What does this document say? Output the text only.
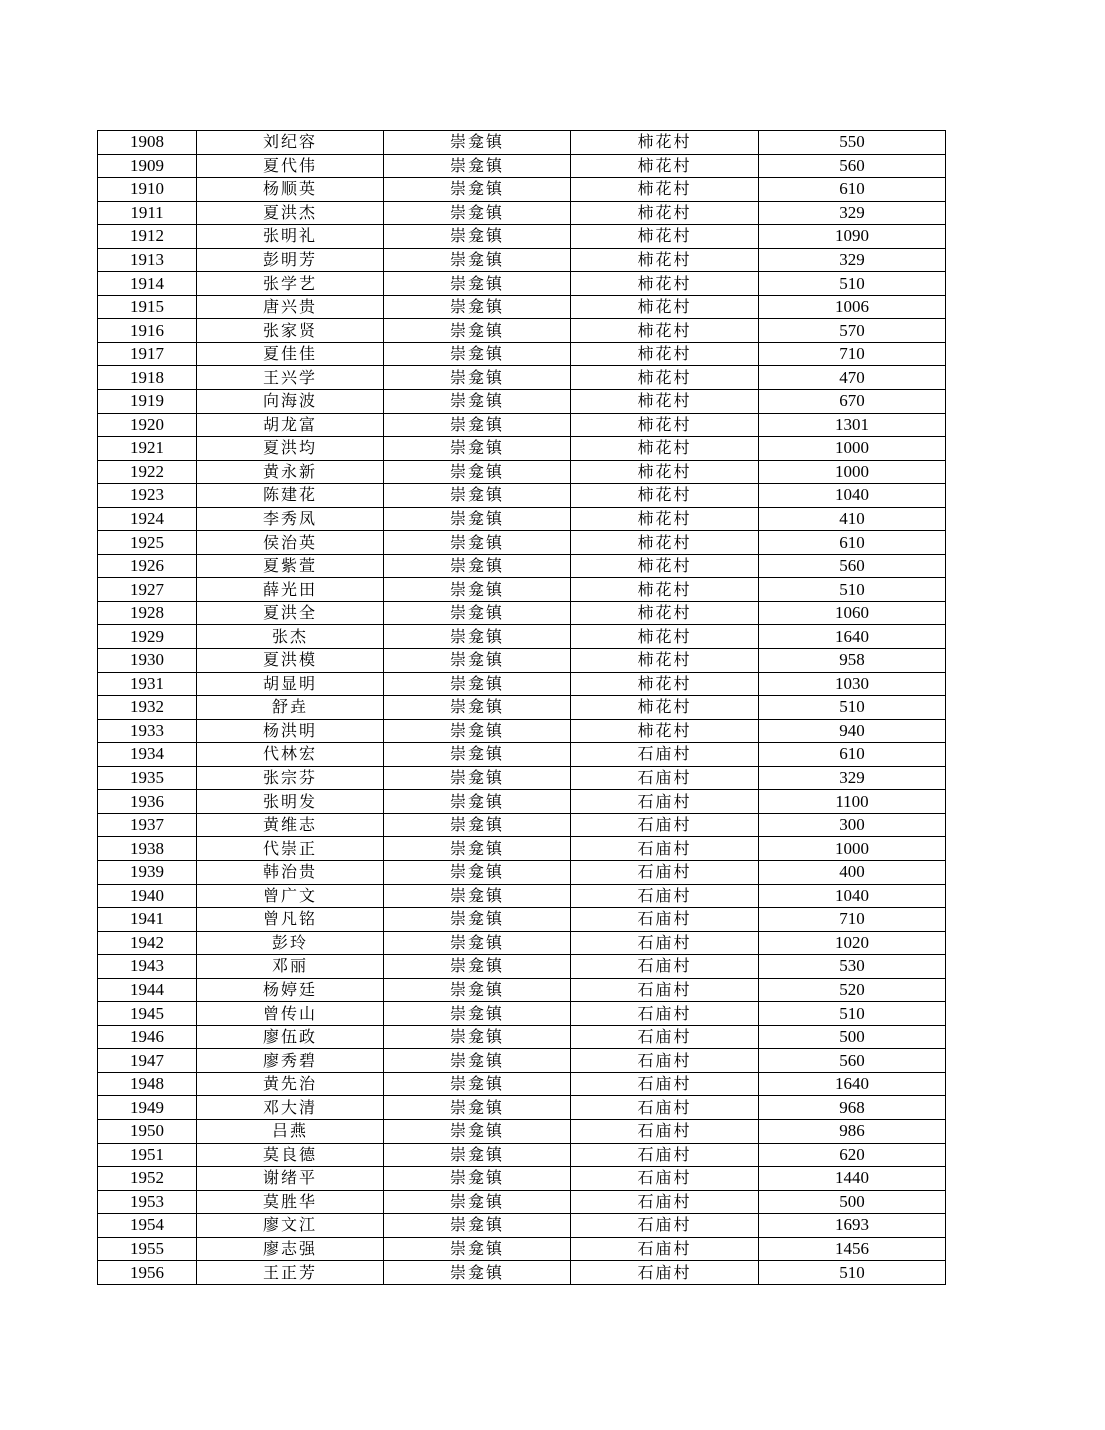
1908	刘纪容	崇龛镇	柿花村	550
1909	夏代伟	崇龛镇	柿花村	560
1910	杨顺英	崇龛镇	柿花村	610
1911	夏洪杰	崇龛镇	柿花村	329
1912	张明礼	崇龛镇	柿花村	1090
1913	彭明芳	崇龛镇	柿花村	329
1914	张学艺	崇龛镇	柿花村	510
1915	唐兴贵	崇龛镇	柿花村	1006
1916	张家贤	崇龛镇	柿花村	570
1917	夏佳佳	崇龛镇	柿花村	710
1918	王兴学	崇龛镇	柿花村	470
1919	向海波	崇龛镇	柿花村	670
1920	胡龙富	崇龛镇	柿花村	1301
1921	夏洪均	崇龛镇	柿花村	1000
1922	黄永新	崇龛镇	柿花村	1000
1923	陈建花	崇龛镇	柿花村	1040
1924	李秀凤	崇龛镇	柿花村	410
1925	侯治英	崇龛镇	柿花村	610
1926	夏紫萱	崇龛镇	柿花村	560
1927	薛光田	崇龛镇	柿花村	510
1928	夏洪全	崇龛镇	柿花村	1060
1929	张杰	崇龛镇	柿花村	1640
1930	夏洪模	崇龛镇	柿花村	958
1931	胡显明	崇龛镇	柿花村	1030
1932	舒垚	崇龛镇	柿花村	510
1933	杨洪明	崇龛镇	柿花村	940
1934	代林宏	崇龛镇	石庙村	610
1935	张宗芬	崇龛镇	石庙村	329
1936	张明发	崇龛镇	石庙村	1100
1937	黄维志	崇龛镇	石庙村	300
1938	代崇正	崇龛镇	石庙村	1000
1939	韩治贵	崇龛镇	石庙村	400
1940	曾广文	崇龛镇	石庙村	1040
1941	曾凡铭	崇龛镇	石庙村	710
1942	彭玲	崇龛镇	石庙村	1020
1943	邓丽	崇龛镇	石庙村	530
1944	杨婷廷	崇龛镇	石庙村	520
1945	曾传山	崇龛镇	石庙村	510
1946	廖伍政	崇龛镇	石庙村	500
1947	廖秀碧	崇龛镇	石庙村	560
1948	黄先治	崇龛镇	石庙村	1640
1949	邓大清	崇龛镇	石庙村	968
1950	吕燕	崇龛镇	石庙村	986
1951	莫良德	崇龛镇	石庙村	620
1952	谢绪平	崇龛镇	石庙村	1440
1953	莫胜华	崇龛镇	石庙村	500
1954	廖文江	崇龛镇	石庙村	1693
1955	廖志强	崇龛镇	石庙村	1456
1956	王正芳	崇龛镇	石庙村	510
